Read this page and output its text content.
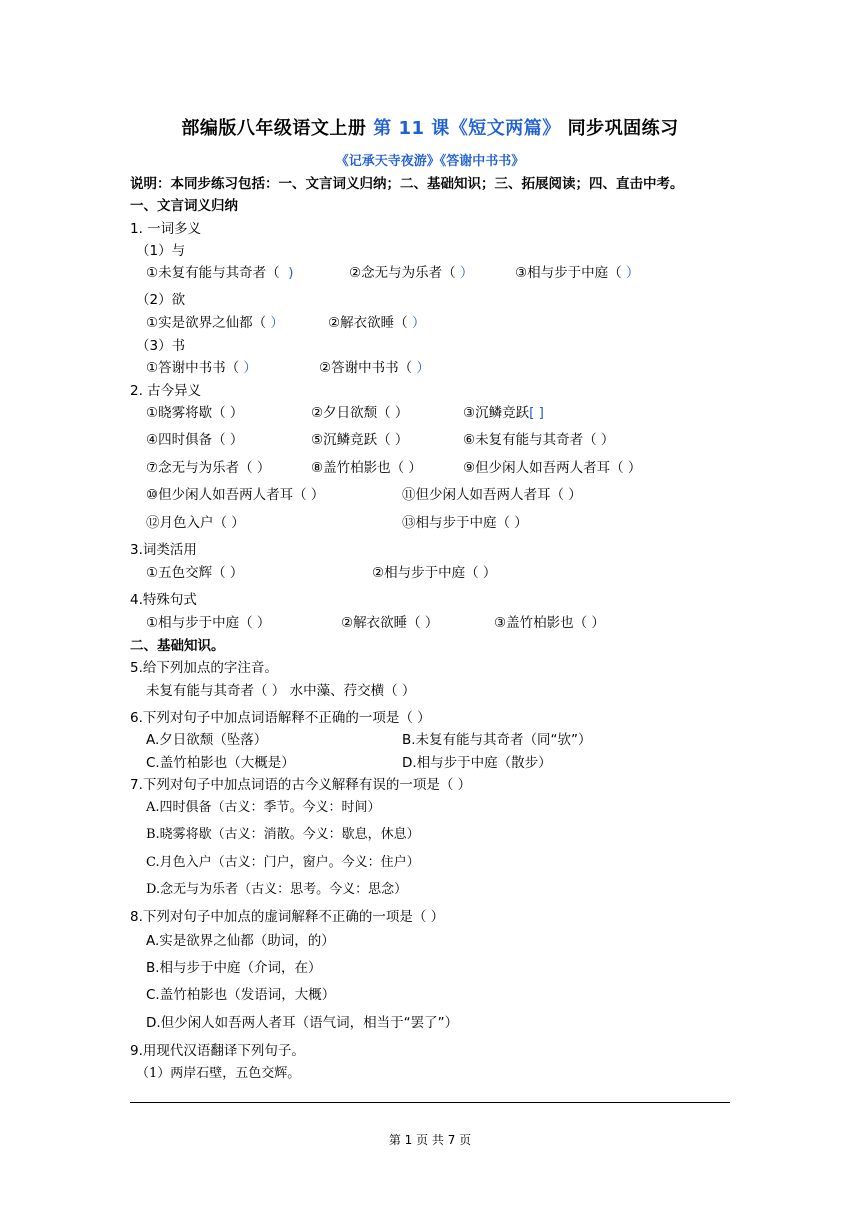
部编版八年级语文上册 第 11 课《短文两篇》 同步巩固练习
《记承天寺夜游》《答谢中书书》
说明：本同步练习包括：一、文言词义归纳；二、基础知识；三、拓展阅读；四、直击中考。
一、文言词义归纳
1. 一词多义
（1）与
①未复有能与其奇者（ )	②念无与为乐者（ ）	③相与步于中庭（ ）
（2）欲
①实是欲界之仙都（ ）	②解衣欲睡（ ）
（3）书
①答谢中书书（ ）	②答谢中书书（ ）
2. 古今异义
①晓雾将歇（ ）	②夕日欲颓（ ）	③沉鳞竞跃[ ]
④四时俱备（ ）	⑤沉鳞竞跃（ ）	⑥未复有能与其奇者（ ）
⑦念无与为乐者（ ）	⑧盖竹柏影也（ ）	⑨但少闲人如吾两人者耳（ ）
⑩但少闲人如吾两人者耳（ ）	⑪但少闲人如吾两人者耳（ ）
⑫月色入户（ ）	⑬相与步于中庭（ ）
3.词类活用
①五色交辉（ ）	②相与步于中庭（ ）
4.特殊句式
①相与步于中庭（ ）	②解衣欲睡（ ）	③盖竹柏影也（ ）
二、基础知识。
5.给下列加点的字注音。
未复有能与其奇者（ ） 水中藻、荇交横（ ）
6.下列对句子中加点词语解释不正确的一项是（ ）
A.夕日欲颓（坠落）	B.未复有能与其奇者（同“欤”）
C.盖竹柏影也（大概是）	D.相与步于中庭（散步）
7.下列对句子中加点词语的古今义解释有误的一项是（ ）
A.四时俱备（古义：季节。今义：时间）
B.晓雾将歇（古义：消散。今义：歇息，休息）
C.月色入户（古义：门户，窗户。今义：住户）
D.念无与为乐者（古义：思考。今义：思念）
8.下列对句子中加点的虚词解释不正确的一项是（ ）
A.实是欲界之仙都（助词，的）
B.相与步于中庭（介词，在）
C.盖竹柏影也（发语词，大概）
D.但少闲人如吾两人者耳（语气词，相当于“罢了”）
9.用现代汉语翻译下列句子。
（1）两岸石壁，五色交辉。
第 1 页 共 7 页
